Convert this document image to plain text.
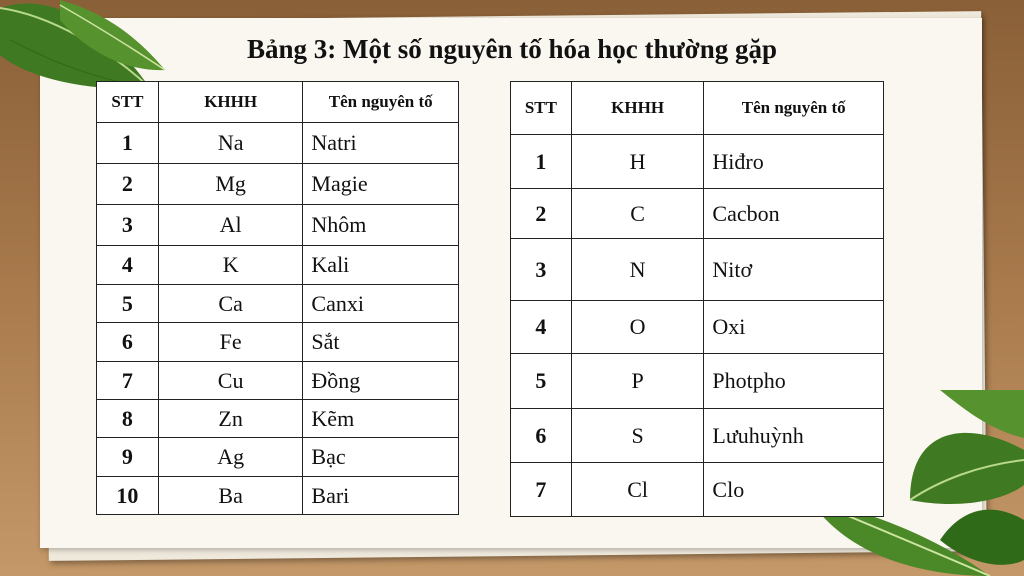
Bảng 3: Một số nguyên tố hóa học thường gặp
STT	KHHH	Tên nguyên tố
1	Na	Natri
2	Mg	Magie
3	Al	Nhôm
4	K	Kali
5	Ca	Canxi
6	Fe	Sắt
7	Cu	Đồng
8	Zn	Kẽm
9	Ag	Bạc
10	Ba	Bari
STT	KHHH	Tên nguyên tố
1	H	Hiđro
2	C	Cacbon
3	N	Nitơ
4	O	Oxi
5	P	Photpho
6	S	Lưuhuỳnh
7	Cl	Clo
